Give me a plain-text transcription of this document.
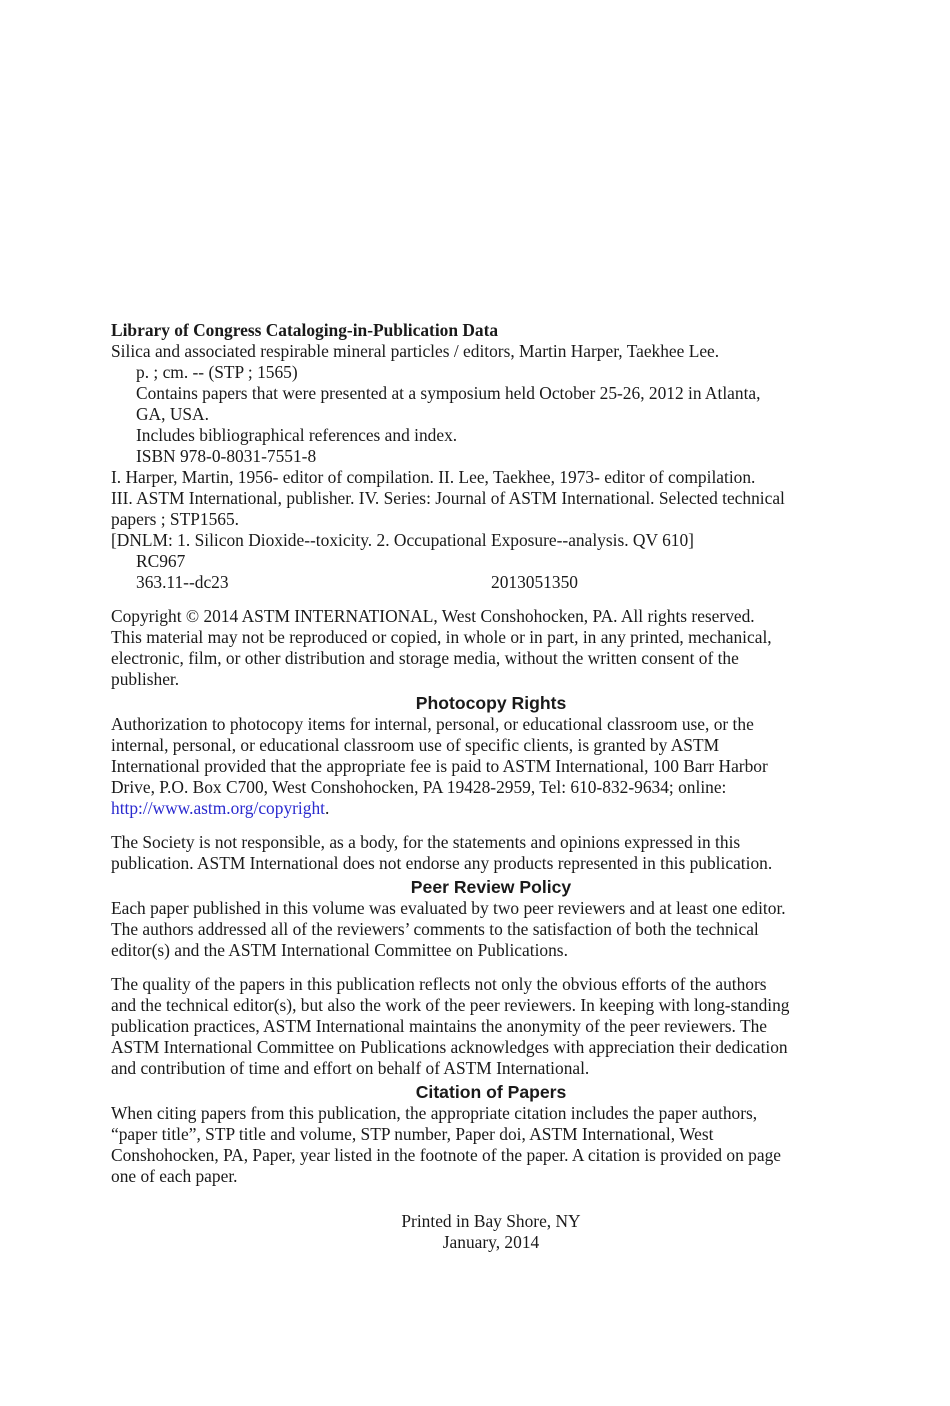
Library of Congress Cataloging-in-Publication Data
Silica and associated respirable mineral particles / editors, Martin Harper, Taekhee Lee.
p. ; cm. -- (STP ; 1565)
Contains papers that were presented at a symposium held October 25-26, 2012 in Atlanta,
GA, USA.
Includes bibliographical references and index.
ISBN 978-0-8031-7551-8
I. Harper, Martin, 1956- editor of compilation. II. Lee, Taekhee, 1973- editor of compilation.
III. ASTM International, publisher. IV. Series: Journal of ASTM International. Selected technical
papers ; STP1565.
[DNLM: 1. Silicon Dioxide--toxicity. 2. Occupational Exposure--analysis. QV 610]
RC967
363.11--dc23	2013051350
Copyright © 2014 ASTM INTERNATIONAL, West Conshohocken, PA. All rights reserved.
This material may not be reproduced or copied, in whole or in part, in any printed, mechanical,
electronic, film, or other distribution and storage media, without the written consent of the
publisher.
Photocopy Rights
Authorization to photocopy items for internal, personal, or educational classroom use, or the
internal, personal, or educational classroom use of specific clients, is granted by ASTM
International provided that the appropriate fee is paid to ASTM International, 100 Barr Harbor
Drive, P.O. Box C700, West Conshohocken, PA 19428-2959, Tel: 610-832-9634; online:
http://www.astm.org/copyright.
The Society is not responsible, as a body, for the statements and opinions expressed in this
publication. ASTM International does not endorse any products represented in this publication.
Peer Review Policy
Each paper published in this volume was evaluated by two peer reviewers and at least one editor.
The authors addressed all of the reviewers’ comments to the satisfaction of both the technical
editor(s) and the ASTM International Committee on Publications.
The quality of the papers in this publication reflects not only the obvious efforts of the authors
and the technical editor(s), but also the work of the peer reviewers. In keeping with long-standing
publication practices, ASTM International maintains the anonymity of the peer reviewers. The
ASTM International Committee on Publications acknowledges with appreciation their dedication
and contribution of time and effort on behalf of ASTM International.
Citation of Papers
When citing papers from this publication, the appropriate citation includes the paper authors,
“paper title”, STP title and volume, STP number, Paper doi, ASTM International, West
Conshohocken, PA, Paper, year listed in the footnote of the paper. A citation is provided on page
one of each paper.
Printed in Bay Shore, NY
January, 2014
